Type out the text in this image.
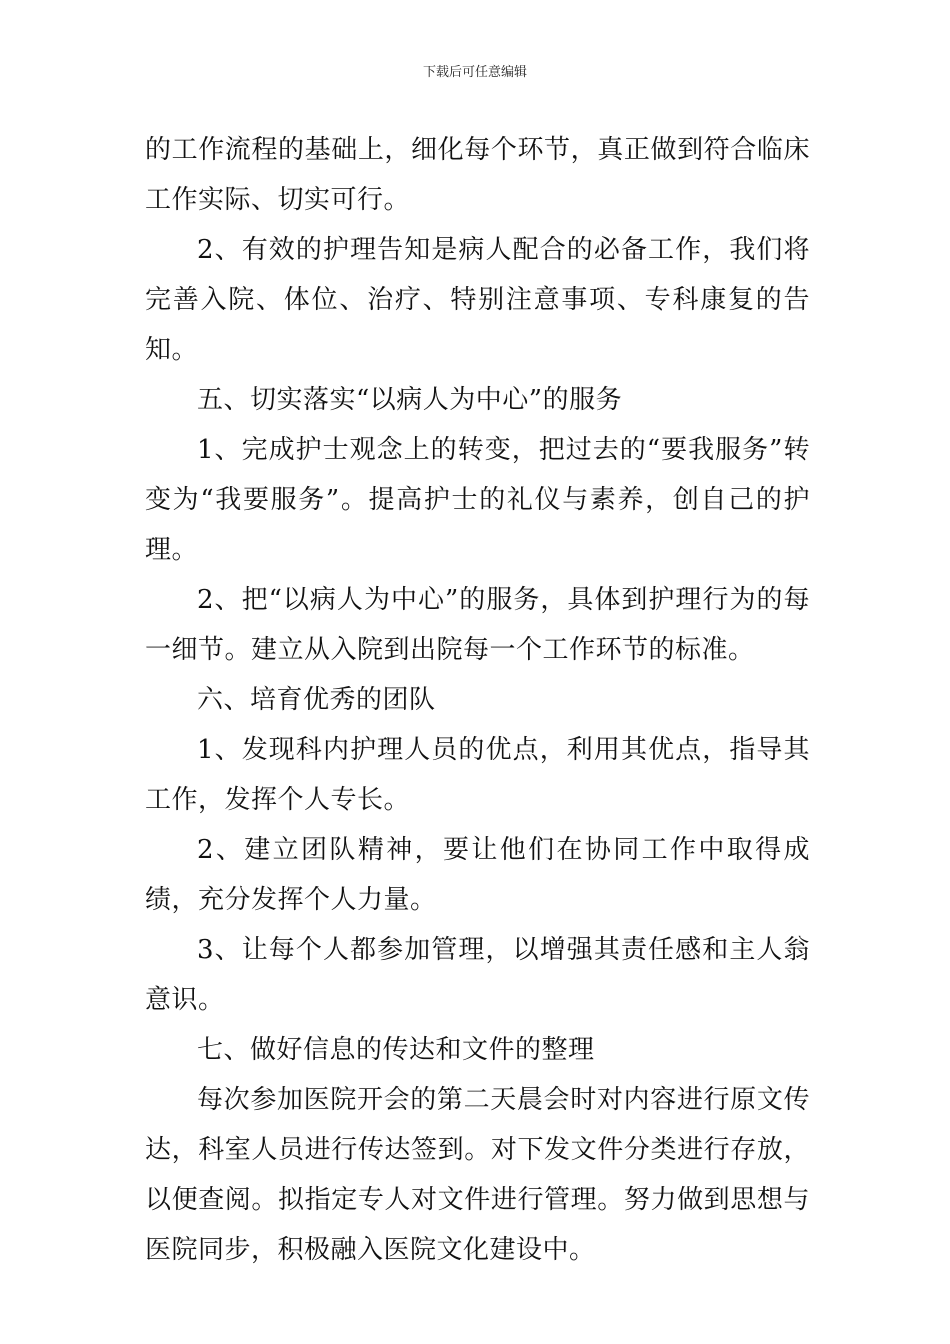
下载后可任意编辑

的工作流程的基础上，细化每个环节，真正做到符合临床工作实际、切实可行。

2、有效的护理告知是病人配合的必备工作，我们将完善入院、体位、治疗、特别注意事项、专科康复的告知。

五、切实落实“以病人为中心”的服务

1、完成护士观念上的转变，把过去的“要我服务”转变为“我要服务”。提高护士的礼仪与素养，创自己的护理。

2、把“以病人为中心”的服务，具体到护理行为的每一细节。建立从入院到出院每一个工作环节的标准。

六、培育优秀的团队

1、发现科内护理人员的优点，利用其优点，指导其工作，发挥个人专长。

2、建立团队精神，要让他们在协同工作中取得成绩，充分发挥个人力量。

3、让每个人都参加管理，以增强其责任感和主人翁意识。

七、做好信息的传达和文件的整理

每次参加医院开会的第二天晨会时对内容进行原文传达，科室人员进行传达签到。对下发文件分类进行存放，以便查阅。拟指定专人对文件进行管理。努力做到思想与医院同步，积极融入医院文化建设中。
